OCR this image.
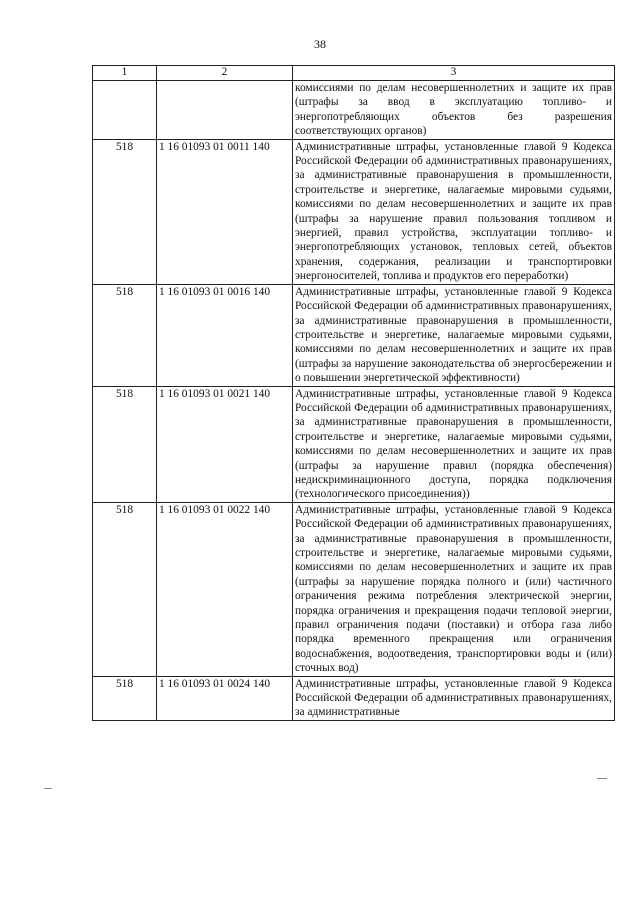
38
1	2	3
		комиссиями по делам несовершеннолетних и защите их прав (штрафы за ввод в эксплуатацию топливо- и энергопотребляющих объектов без разрешения соответствующих органов)
518	1 16 01093 01 0011 140	Административные штрафы, установленные главой 9 Кодекса Российской Федерации об административных правонарушениях, за административные правонарушения в промышленности, строительстве и энергетике, налагаемые мировыми судьями, комиссиями по делам несовершеннолетних и защите их прав (штрафы за нарушение правил пользования топливом и энергией, правил устройства, эксплуатации топливо- и энергопотребляющих установок, тепловых сетей, объектов хранения, содержания, реализации и транспортировки энергоносителей, топлива и продуктов его переработки)
518	1 16 01093 01 0016 140	Административные штрафы, установленные главой 9 Кодекса Российской Федерации об административных правонарушениях, за административные правонарушения в промышленности, строительстве и энергетике, налагаемые мировыми судьями, комиссиями по делам несовершеннолетних и защите их прав (штрафы за нарушение законодательства об энергосбережении и о повышении энергетической эффективности)
518	1 16 01093 01 0021 140	Административные штрафы, установленные главой 9 Кодекса Российской Федерации об административных правонарушениях, за административные правонарушения в промышленности, строительстве и энергетике, налагаемые мировыми судьями, комиссиями по делам несовершеннолетних и защите их прав (штрафы за нарушение правил (порядка обеспечения) недискриминационного доступа, порядка подключения (технологического присоединения))
518	1 16 01093 01 0022 140	Административные штрафы, установленные главой 9 Кодекса Российской Федерации об административных правонарушениях, за административные правонарушения в промышленности, строительстве и энергетике, налагаемые мировыми судьями, комиссиями по делам несовершеннолетних и защите их прав (штрафы за нарушение порядка полного и (или) частичного ограничения режима потребления электрической энергии, порядка ограничения и прекращения подачи тепловой энергии, правил ограничения подачи (поставки) и отбора газа либо порядка временного прекращения или ограничения водоснабжения, водоотведения, транспортировки воды и (или) сточных вод)
518	1 16 01093 01 0024 140	Административные штрафы, установленные главой 9 Кодекса Российской Федерации об административных правонарушениях, за административные
